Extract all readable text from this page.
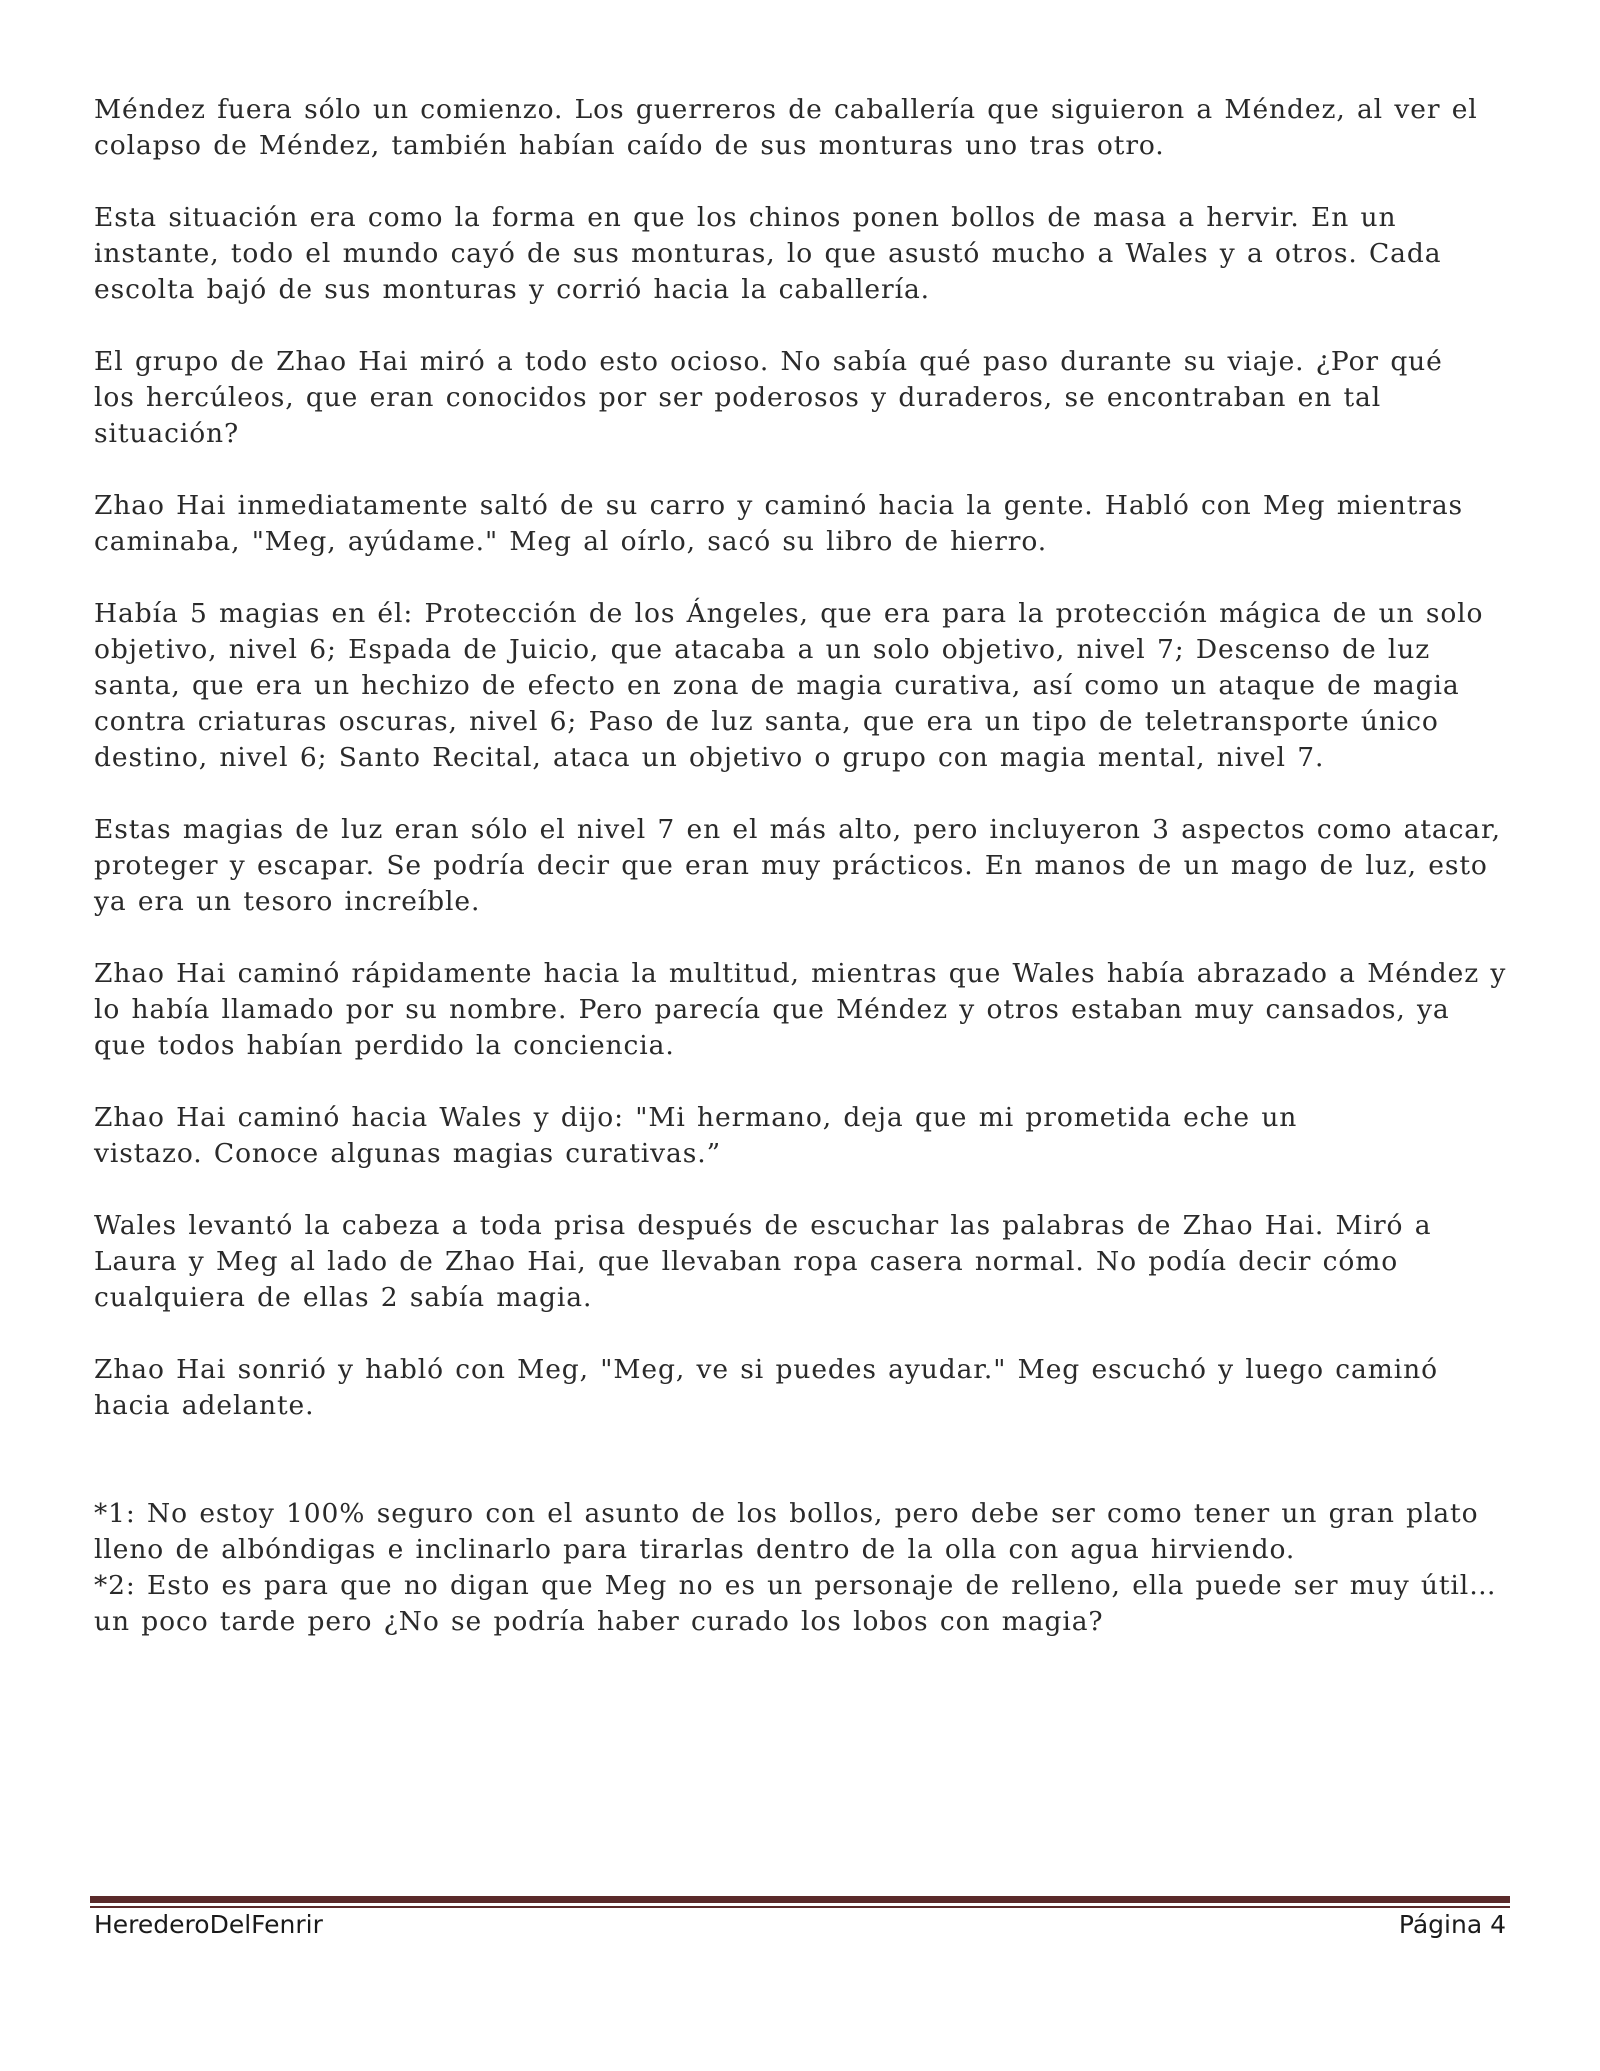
Méndez fuera sólo un comienzo. Los guerreros de caballería que siguieron a Méndez, al ver el
colapso de Méndez, también habían caído de sus monturas uno tras otro.

Esta situación era como la forma en que los chinos ponen bollos de masa a hervir. En un
instante, todo el mundo cayó de sus monturas, lo que asustó mucho a Wales y a otros. Cada
escolta bajó de sus monturas y corrió hacia la caballería.

El grupo de Zhao Hai miró a todo esto ocioso. No sabía qué paso durante su viaje. ¿Por qué
los hercúleos, que eran conocidos por ser poderosos y duraderos, se encontraban en tal
situación?

Zhao Hai inmediatamente saltó de su carro y caminó hacia la gente. Habló con Meg mientras
caminaba, "Meg, ayúdame." Meg al oírlo, sacó su libro de hierro.

Había 5 magias en él: Protección de los Ángeles, que era para la protección mágica de un solo
objetivo, nivel 6; Espada de Juicio, que atacaba a un solo objetivo, nivel 7; Descenso de luz
santa, que era un hechizo de efecto en zona de magia curativa, así como un ataque de magia
contra criaturas oscuras, nivel 6; Paso de luz santa, que era un tipo de teletransporte único
destino, nivel 6; Santo Recital, ataca un objetivo o grupo con magia mental, nivel 7.

Estas magias de luz eran sólo el nivel 7 en el más alto, pero incluyeron 3 aspectos como atacar,
proteger y escapar. Se podría decir que eran muy prácticos. En manos de un mago de luz, esto
ya era un tesoro increíble.

Zhao Hai caminó rápidamente hacia la multitud, mientras que Wales había abrazado a Méndez y
lo había llamado por su nombre. Pero parecía que Méndez y otros estaban muy cansados, ya
que todos habían perdido la conciencia.

Zhao Hai caminó hacia Wales y dijo: "Mi hermano, deja que mi prometida eche un
vistazo. Conoce algunas magias curativas.”

Wales levantó la cabeza a toda prisa después de escuchar las palabras de Zhao Hai. Miró a
Laura y Meg al lado de Zhao Hai, que llevaban ropa casera normal. No podía decir cómo
cualquiera de ellas 2 sabía magia.

Zhao Hai sonrió y habló con Meg, "Meg, ve si puedes ayudar." Meg escuchó y luego caminó
hacia adelante.

*1: No estoy 100% seguro con el asunto de los bollos, pero debe ser como tener un gran plato
lleno de albóndigas e inclinarlo para tirarlas dentro de la olla con agua hirviendo.

*2: Esto es para que no digan que Meg no es un personaje de relleno, ella puede ser muy útil…
un poco tarde pero ¿No se podría haber curado los lobos con magia?

HerederoDelFenrir	Página 4
